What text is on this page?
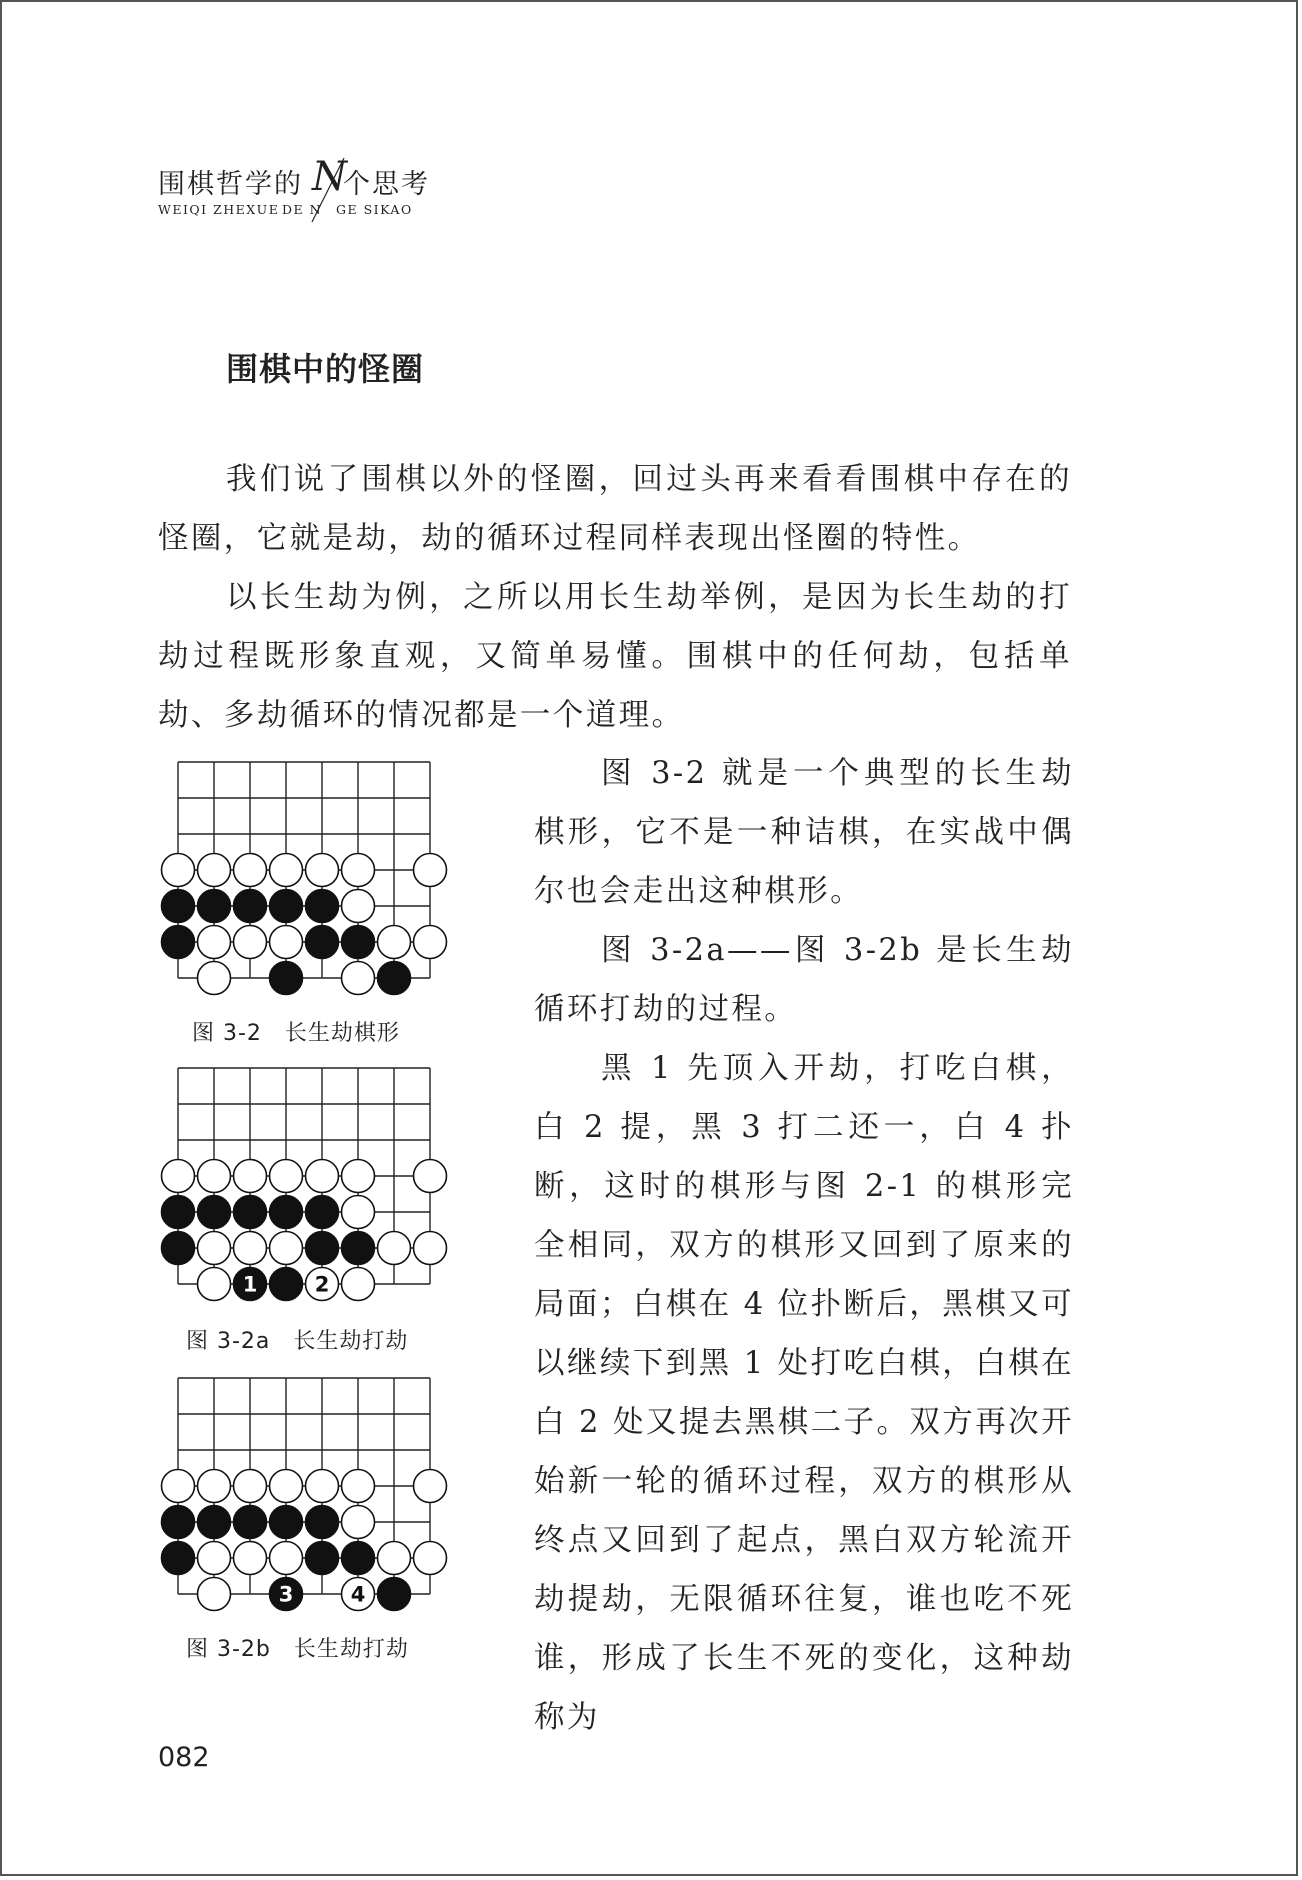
围棋哲学的 个思考
N
WEIQI ZHEXUE DE N GE SIKAO
围棋中的怪圈
我们说了围棋以外的怪圈，回过头再来看看围棋中存在的怪圈，它就是劫，劫的循环过程同样表现出怪圈的特性。
以长生劫为例，之所以用长生劫举例，是因为长生劫的打劫过程既形象直观，又简单易懂。围棋中的任何劫，包括单劫、多劫循环的情况都是一个道理。
图 3-2　长生劫棋形
1	2
图 3-2a　长生劫打劫
3	4
图 3-2b　长生劫打劫
图 3-2 就是一个典型的长生劫棋形，它不是一种诘棋，在实战中偶尔也会走出这种棋形。
图 3-2a——图 3-2b 是长生劫循环打劫的过程。
黑 1 先顶入开劫，打吃白棋，白 2 提，黑 3 打二还一，白 4 扑断，这时的棋形与图 2-1 的棋形完全相同，双方的棋形又回到了原来的局面；白棋在 4 位扑断后，黑棋又可以继续下到黑 1 处打吃白棋，白棋在白 2 处又提去黑棋二子。双方再次开始新一轮的循环过程，双方的棋形从终点又回到了起点，黑白双方轮流开劫提劫，无限循环往复，谁也吃不死谁，形成了长生不死的变化，这种劫称为
082
